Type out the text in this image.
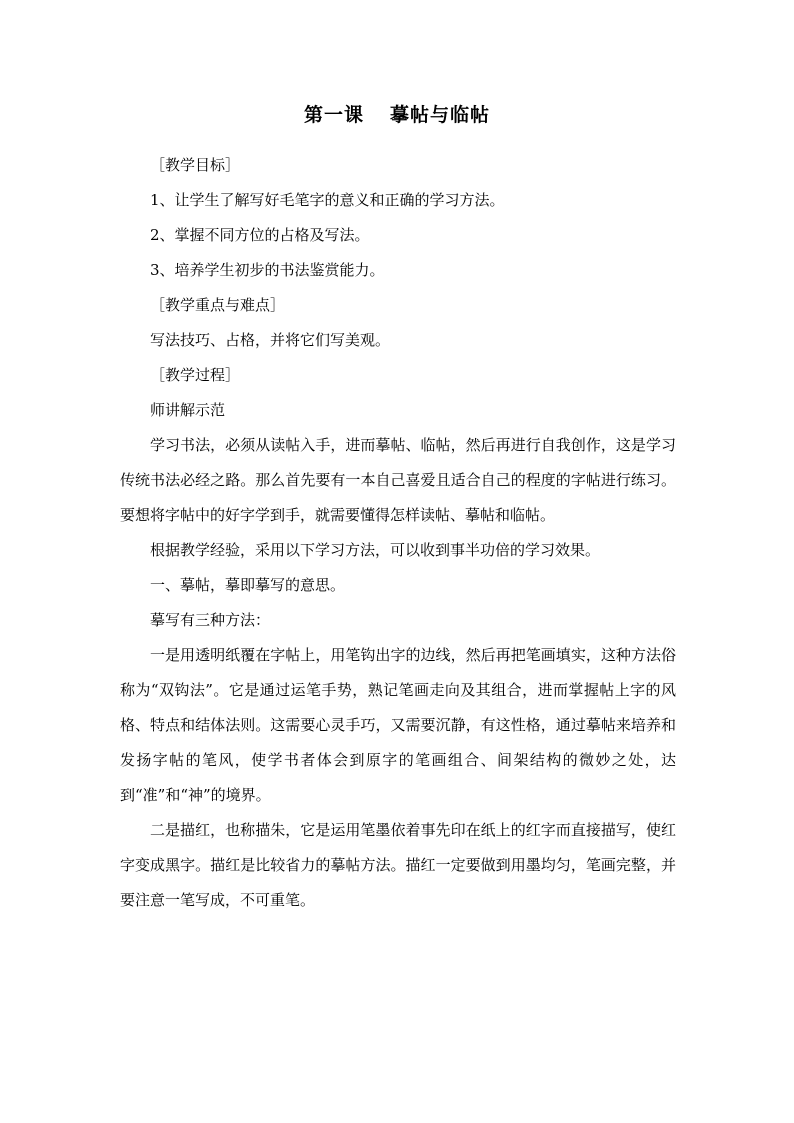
第一课 摹帖与临帖

［教学目标］

1、让学生了解写好毛笔字的意义和正确的学习方法。

2、掌握不同方位的占格及写法。

3、培养学生初步的书法鉴赏能力。

［教学重点与难点］

写法技巧、占格，并将它们写美观。

［教学过程］

师讲解示范

学习书法，必须从读帖入手，进而摹帖、临帖，然后再进行自我创作，这是学习传统书法必经之路。那么首先要有一本自己喜爱且适合自己的程度的字帖进行练习。要想将字帖中的好字学到手，就需要懂得怎样读帖、摹帖和临帖。

根据教学经验，采用以下学习方法，可以收到事半功倍的学习效果。

一、摹帖，摹即摹写的意思。

摹写有三种方法：

一是用透明纸覆在字帖上，用笔钩出字的边线，然后再把笔画填实，这种方法俗称为“双钩法”。它是通过运笔手势，熟记笔画走向及其组合，进而掌握帖上字的风格、特点和结体法则。这需要心灵手巧，又需要沉静，有这性格，通过摹帖来培养和发扬字帖的笔风，使学书者体会到原字的笔画组合、间架结构的微妙之处，达到“准”和“神”的境界。

二是描红，也称描朱，它是运用笔墨依着事先印在纸上的红字而直接描写，使红字变成黑字。描红是比较省力的摹帖方法。描红一定要做到用墨均匀，笔画完整，并要注意一笔写成，不可重笔。
